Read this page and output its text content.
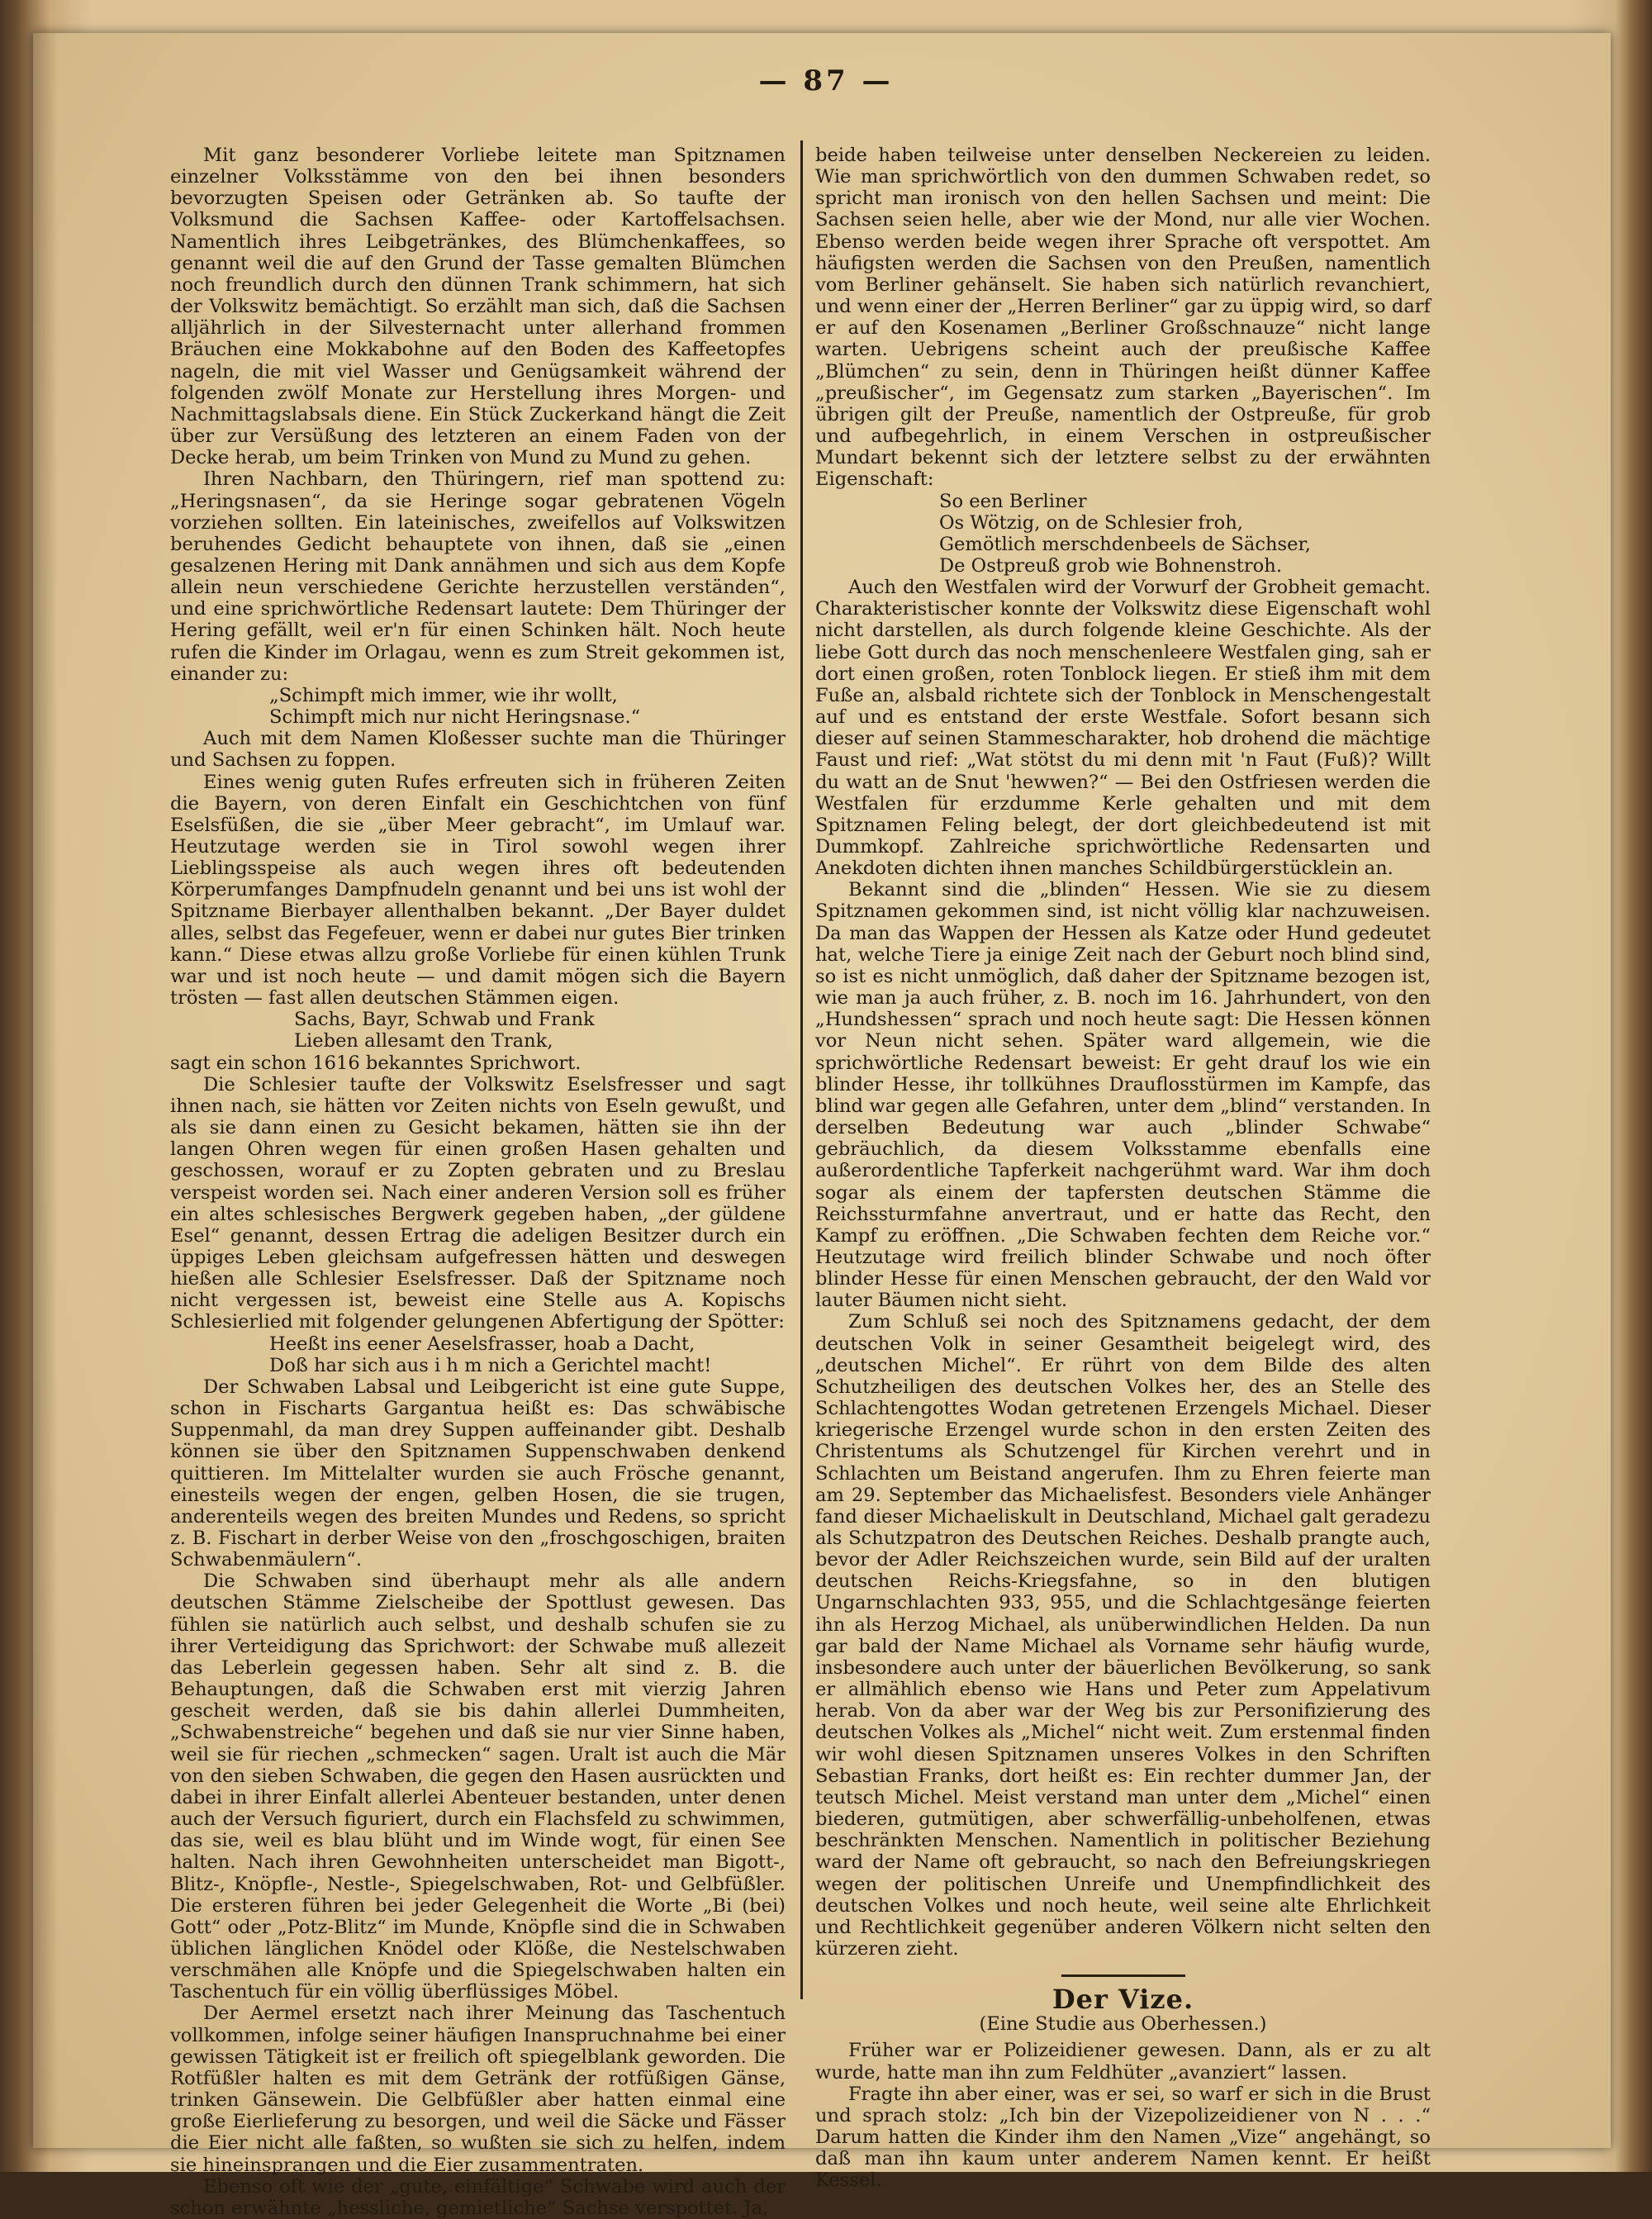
— 87 —

Mit ganz besonderer Vorliebe leitete man Spitznamen einzelner Volksstämme von den bei ihnen besonders bevorzugten Speisen oder Getränken ab. So taufte der Volksmund die Sachsen Kaffee- oder Kartoffelsachsen. Namentlich ihres Leibgetränkes, des Blümchenkaffees, so genannt weil die auf den Grund der Tasse gemalten Blümchen noch freundlich durch den dünnen Trank schimmern, hat sich der Volkswitz bemächtigt. So erzählt man sich, daß die Sachsen alljährlich in der Silvesternacht unter allerhand frommen Bräuchen eine Mokkabohne auf den Boden des Kaffeetopfes nageln, die mit viel Wasser und Genügsamkeit während der folgenden zwölf Monate zur Herstellung ihres Morgen- und Nachmittagslabsals diene. Ein Stück Zuckerkand hängt die Zeit über zur Versüßung des letzteren an einem Faden von der Decke herab, um beim Trinken von Mund zu Mund zu gehen.

Ihren Nachbarn, den Thüringern, rief man spottend zu: „Heringsnasen“, da sie Heringe sogar gebratenen Vögeln vorziehen sollten. Ein lateinisches, zweifellos auf Volkswitzen beruhendes Gedicht behauptete von ihnen, daß sie „einen gesalzenen Hering mit Dank annähmen und sich aus dem Kopfe allein neun verschiedene Gerichte herzustellen verständen“, und eine sprichwörtliche Redensart lautete: Dem Thüringer der Hering gefällt, weil er'n für einen Schinken hält. Noch heute rufen die Kinder im Orlagau, wenn es zum Streit gekommen ist, einander zu:

„Schimpft mich immer, wie ihr wollt,
Schimpft mich nur nicht Heringsnase.“

Auch mit dem Namen Kloßesser suchte man die Thüringer und Sachsen zu foppen.

Eines wenig guten Rufes erfreuten sich in früheren Zeiten die Bayern, von deren Einfalt ein Geschichtchen von fünf Eselsfüßen, die sie „über Meer gebracht“, im Umlauf war. Heutzutage werden sie in Tirol sowohl wegen ihrer Lieblingsspeise als auch wegen ihres oft bedeutenden Körperumfanges Dampfnudeln genannt und bei uns ist wohl der Spitzname Bierbayer allenthalben bekannt. „Der Bayer duldet alles, selbst das Fegefeuer, wenn er dabei nur gutes Bier trinken kann.“ Diese etwas allzu große Vorliebe für einen kühlen Trunk war und ist noch heute — und damit mögen sich die Bayern trösten — fast allen deutschen Stämmen eigen.

Sachs, Bayr, Schwab und Frank
Lieben allesamt den Trank,

sagt ein schon 1616 bekanntes Sprichwort.

Die Schlesier taufte der Volkswitz Eselsfresser und sagt ihnen nach, sie hätten vor Zeiten nichts von Eseln gewußt, und als sie dann einen zu Gesicht bekamen, hätten sie ihn der langen Ohren wegen für einen großen Hasen gehalten und geschossen, worauf er zu Zopten gebraten und zu Breslau verspeist worden sei. Nach einer anderen Version soll es früher ein altes schlesisches Bergwerk gegeben haben, „der güldene Esel“ genannt, dessen Ertrag die adeligen Besitzer durch ein üppiges Leben gleichsam aufgefressen hätten und deswegen hießen alle Schlesier Eselsfresser. Daß der Spitzname noch nicht vergessen ist, beweist eine Stelle aus A. Kopischs Schlesierlied mit folgender gelungenen Abfertigung der Spötter:

Heeßt ins eener Aeselsfrasser, hoab a Dacht,
Doß har sich aus i h m nich a Gerichtel macht!

Der Schwaben Labsal und Leibgericht ist eine gute Suppe, schon in Fischarts Gargantua heißt es: Das schwäbische Suppenmahl, da man drey Suppen auffeinander gibt. Deshalb können sie über den Spitznamen Suppenschwaben denkend quittieren. Im Mittelalter wurden sie auch Frösche genannt, einesteils wegen der engen, gelben Hosen, die sie trugen, anderenteils wegen des breiten Mundes und Redens, so spricht z. B. Fischart in derber Weise von den „froschgoschigen, braiten Schwabenmäulern“.

Die Schwaben sind überhaupt mehr als alle andern deutschen Stämme Zielscheibe der Spottlust gewesen. Das fühlen sie natürlich auch selbst, und deshalb schufen sie zu ihrer Verteidigung das Sprichwort: der Schwabe muß allezeit das Leberlein gegessen haben. Sehr alt sind z. B. die Behauptungen, daß die Schwaben erst mit vierzig Jahren gescheit werden, daß sie bis dahin allerlei Dummheiten, „Schwabenstreiche“ begehen und daß sie nur vier Sinne haben, weil sie für riechen „schmecken“ sagen. Uralt ist auch die Mär von den sieben Schwaben, die gegen den Hasen ausrückten und dabei in ihrer Einfalt allerlei Abenteuer bestanden, unter denen auch der Versuch figuriert, durch ein Flachsfeld zu schwimmen, das sie, weil es blau blüht und im Winde wogt, für einen See halten. Nach ihren Gewohnheiten unterscheidet man Bigott-, Blitz-, Knöpfle-, Nestle-, Spiegelschwaben, Rot- und Gelbfüßler. Die ersteren führen bei jeder Gelegenheit die Worte „Bi (bei) Gott“ oder „Potz-Blitz“ im Munde, Knöpfle sind die in Schwaben üblichen länglichen Knödel oder Klöße, die Nestelschwaben verschmähen alle Knöpfe und die Spiegelschwaben halten ein Taschentuch für ein völlig überflüssiges Möbel.

Der Aermel ersetzt nach ihrer Meinung das Taschentuch vollkommen, infolge seiner häufigen Inanspruchnahme bei einer gewissen Tätigkeit ist er freilich oft spiegelblank geworden. Die Rotfüßler halten es mit dem Getränk der rotfüßigen Gänse, trinken Gänsewein. Die Gelbfüßler aber hatten einmal eine große Eierlieferung zu besorgen, und weil die Säcke und Fässer die Eier nicht alle faßten, so wußten sie sich zu helfen, indem sie hineinsprangen und die Eier zusammentraten.

Ebenso oft wie der „gute, einfältige“ Schwabe wird auch der schon erwähnte „hessliche, gemietliche“ Sachse verspottet. Ja,

beide haben teilweise unter denselben Neckereien zu leiden. Wie man sprichwörtlich von den dummen Schwaben redet, so spricht man ironisch von den hellen Sachsen und meint: Die Sachsen seien helle, aber wie der Mond, nur alle vier Wochen. Ebenso werden beide wegen ihrer Sprache oft verspottet. Am häufigsten werden die Sachsen von den Preußen, namentlich vom Berliner gehänselt. Sie haben sich natürlich revanchiert, und wenn einer der „Herren Berliner“ gar zu üppig wird, so darf er auf den Kosenamen „Berliner Großschnauze“ nicht lange warten. Uebrigens scheint auch der preußische Kaffee „Blümchen“ zu sein, denn in Thüringen heißt dünner Kaffee „preußischer“, im Gegensatz zum starken „Bayerischen“. Im übrigen gilt der Preuße, namentlich der Ostpreuße, für grob und aufbegehrlich, in einem Verschen in ostpreußischer Mundart bekennt sich der letztere selbst zu der erwähnten Eigenschaft:

So een Berliner
Os Wötzig, on de Schlesier froh,
Gemötlich merschdenbeels de Sächser,
De Ostpreuß grob wie Bohnenstroh.

Auch den Westfalen wird der Vorwurf der Grobheit gemacht. Charakteristischer konnte der Volkswitz diese Eigenschaft wohl nicht darstellen, als durch folgende kleine Geschichte. Als der liebe Gott durch das noch menschenleere Westfalen ging, sah er dort einen großen, roten Tonblock liegen. Er stieß ihm mit dem Fuße an, alsbald richtete sich der Tonblock in Menschengestalt auf und es entstand der erste Westfale. Sofort besann sich dieser auf seinen Stammescharakter, hob drohend die mächtige Faust und rief: „Wat stötst du mi denn mit 'n Faut (Fuß)? Willt du watt an de Snut 'hewwen?“ — Bei den Ostfriesen werden die Westfalen für erzdumme Kerle gehalten und mit dem Spitznamen Feling belegt, der dort gleichbedeutend ist mit Dummkopf. Zahlreiche sprichwörtliche Redensarten und Anekdoten dichten ihnen manches Schildbürgerstücklein an.

Bekannt sind die „blinden“ Hessen. Wie sie zu diesem Spitznamen gekommen sind, ist nicht völlig klar nachzuweisen. Da man das Wappen der Hessen als Katze oder Hund gedeutet hat, welche Tiere ja einige Zeit nach der Geburt noch blind sind, so ist es nicht unmöglich, daß daher der Spitzname bezogen ist, wie man ja auch früher, z. B. noch im 16. Jahrhundert, von den „Hundshessen“ sprach und noch heute sagt: Die Hessen können vor Neun nicht sehen. Später ward allgemein, wie die sprichwörtliche Redensart beweist: Er geht drauf los wie ein blinder Hesse, ihr tollkühnes Drauflosstürmen im Kampfe, das blind war gegen alle Gefahren, unter dem „blind“ verstanden. In derselben Bedeutung war auch „blinder Schwabe“ gebräuchlich, da diesem Volksstamme ebenfalls eine außerordentliche Tapferkeit nachgerühmt ward. War ihm doch sogar als einem der tapfersten deutschen Stämme die Reichssturmfahne anvertraut, und er hatte das Recht, den Kampf zu eröffnen. „Die Schwaben fechten dem Reiche vor.“ Heutzutage wird freilich blinder Schwabe und noch öfter blinder Hesse für einen Menschen gebraucht, der den Wald vor lauter Bäumen nicht sieht.

Zum Schluß sei noch des Spitznamens gedacht, der dem deutschen Volk in seiner Gesamtheit beigelegt wird, des „deutschen Michel“. Er rührt von dem Bilde des alten Schutzheiligen des deutschen Volkes her, des an Stelle des Schlachtengottes Wodan getretenen Erzengels Michael. Dieser kriegerische Erzengel wurde schon in den ersten Zeiten des Christentums als Schutzengel für Kirchen verehrt und in Schlachten um Beistand angerufen. Ihm zu Ehren feierte man am 29. September das Michaelisfest. Besonders viele Anhänger fand dieser Michaeliskult in Deutschland, Michael galt geradezu als Schutzpatron des Deutschen Reiches. Deshalb prangte auch, bevor der Adler Reichszeichen wurde, sein Bild auf der uralten deutschen Reichs-Kriegsfahne, so in den blutigen Ungarnschlachten 933, 955, und die Schlachtgesänge feierten ihn als Herzog Michael, als unüberwindlichen Helden. Da nun gar bald der Name Michael als Vorname sehr häufig wurde, insbesondere auch unter der bäuerlichen Bevölkerung, so sank er allmählich ebenso wie Hans und Peter zum Appelativum herab. Von da aber war der Weg bis zur Personifizierung des deutschen Volkes als „Michel“ nicht weit. Zum erstenmal finden wir wohl diesen Spitznamen unseres Volkes in den Schriften Sebastian Franks, dort heißt es: Ein rechter dummer Jan, der teutsch Michel. Meist verstand man unter dem „Michel“ einen biederen, gutmütigen, aber schwerfällig-unbeholfenen, etwas beschränkten Menschen. Namentlich in politischer Beziehung ward der Name oft gebraucht, so nach den Befreiungskriegen wegen der politischen Unreife und Unempfindlichkeit des deutschen Volkes und noch heute, weil seine alte Ehrlichkeit und Rechtlichkeit gegenüber anderen Völkern nicht selten den kürzeren zieht.

Der Vize.
(Eine Studie aus Oberhessen.)

Früher war er Polizeidiener gewesen. Dann, als er zu alt wurde, hatte man ihn zum Feldhüter „avanziert“ lassen.

Fragte ihn aber einer, was er sei, so warf er sich in die Brust und sprach stolz: „Ich bin der Vizepolizeidiener von N . . .“ Darum hatten die Kinder ihm den Namen „Vize“ angehängt, so daß man ihn kaum unter anderem Namen kennt. Er heißt Kessel.
